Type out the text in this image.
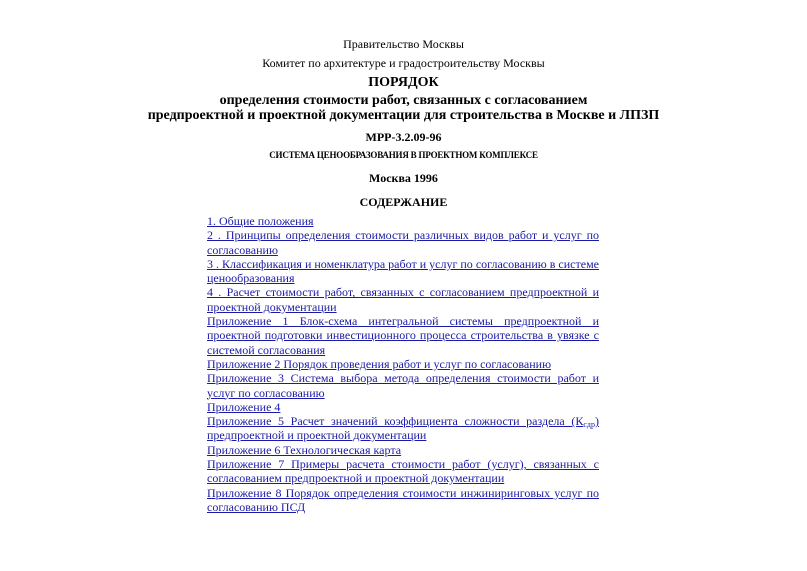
Правительство Москвы
Комитет по архитектуре и градостроительству Москвы
ПОРЯДОК
определения стоимости работ, связанных с согласованием
предпроектной и проектной документации для строительства в Москве и ЛПЗП
МРР-3.2.09-96
СИСТЕМА ЦЕНООБРАЗОВАНИЯ В ПРОЕКТНОМ КОМПЛЕКСЕ
Москва 1996
СОДЕРЖАНИЕ

1. Общие положения

2 . Принципы определения стоимости различных видов работ и услуг по согласованию

3 . Классификация и номенклатура работ и услуг по согласованию в системе ценообразования

4 . Расчет стоимости работ, связанных с согласованием предпроектной и проектной документации

Приложение 1 Блок-схема интегральной системы предпроектной и проектной подготовки инвестиционного процесса строительства в увязке с системой согласования

Приложение 2 Порядок проведения работ и услуг по согласованию

Приложение 3 Система выбора метода определения стоимости работ и услуг по согласованию

Приложение 4

Приложение 5 Расчет значений коэффициента сложности раздела $(К_{сдр})$ предпроектной и проектной документации

Приложение 6 Технологическая карта

Приложение 7 Примеры расчета стоимости работ (услуг), связанных с согласованием предпроектной и проектной документации

Приложение 8 Порядок определения стоимости инжиниринговых услуг по согласованию ПСД
